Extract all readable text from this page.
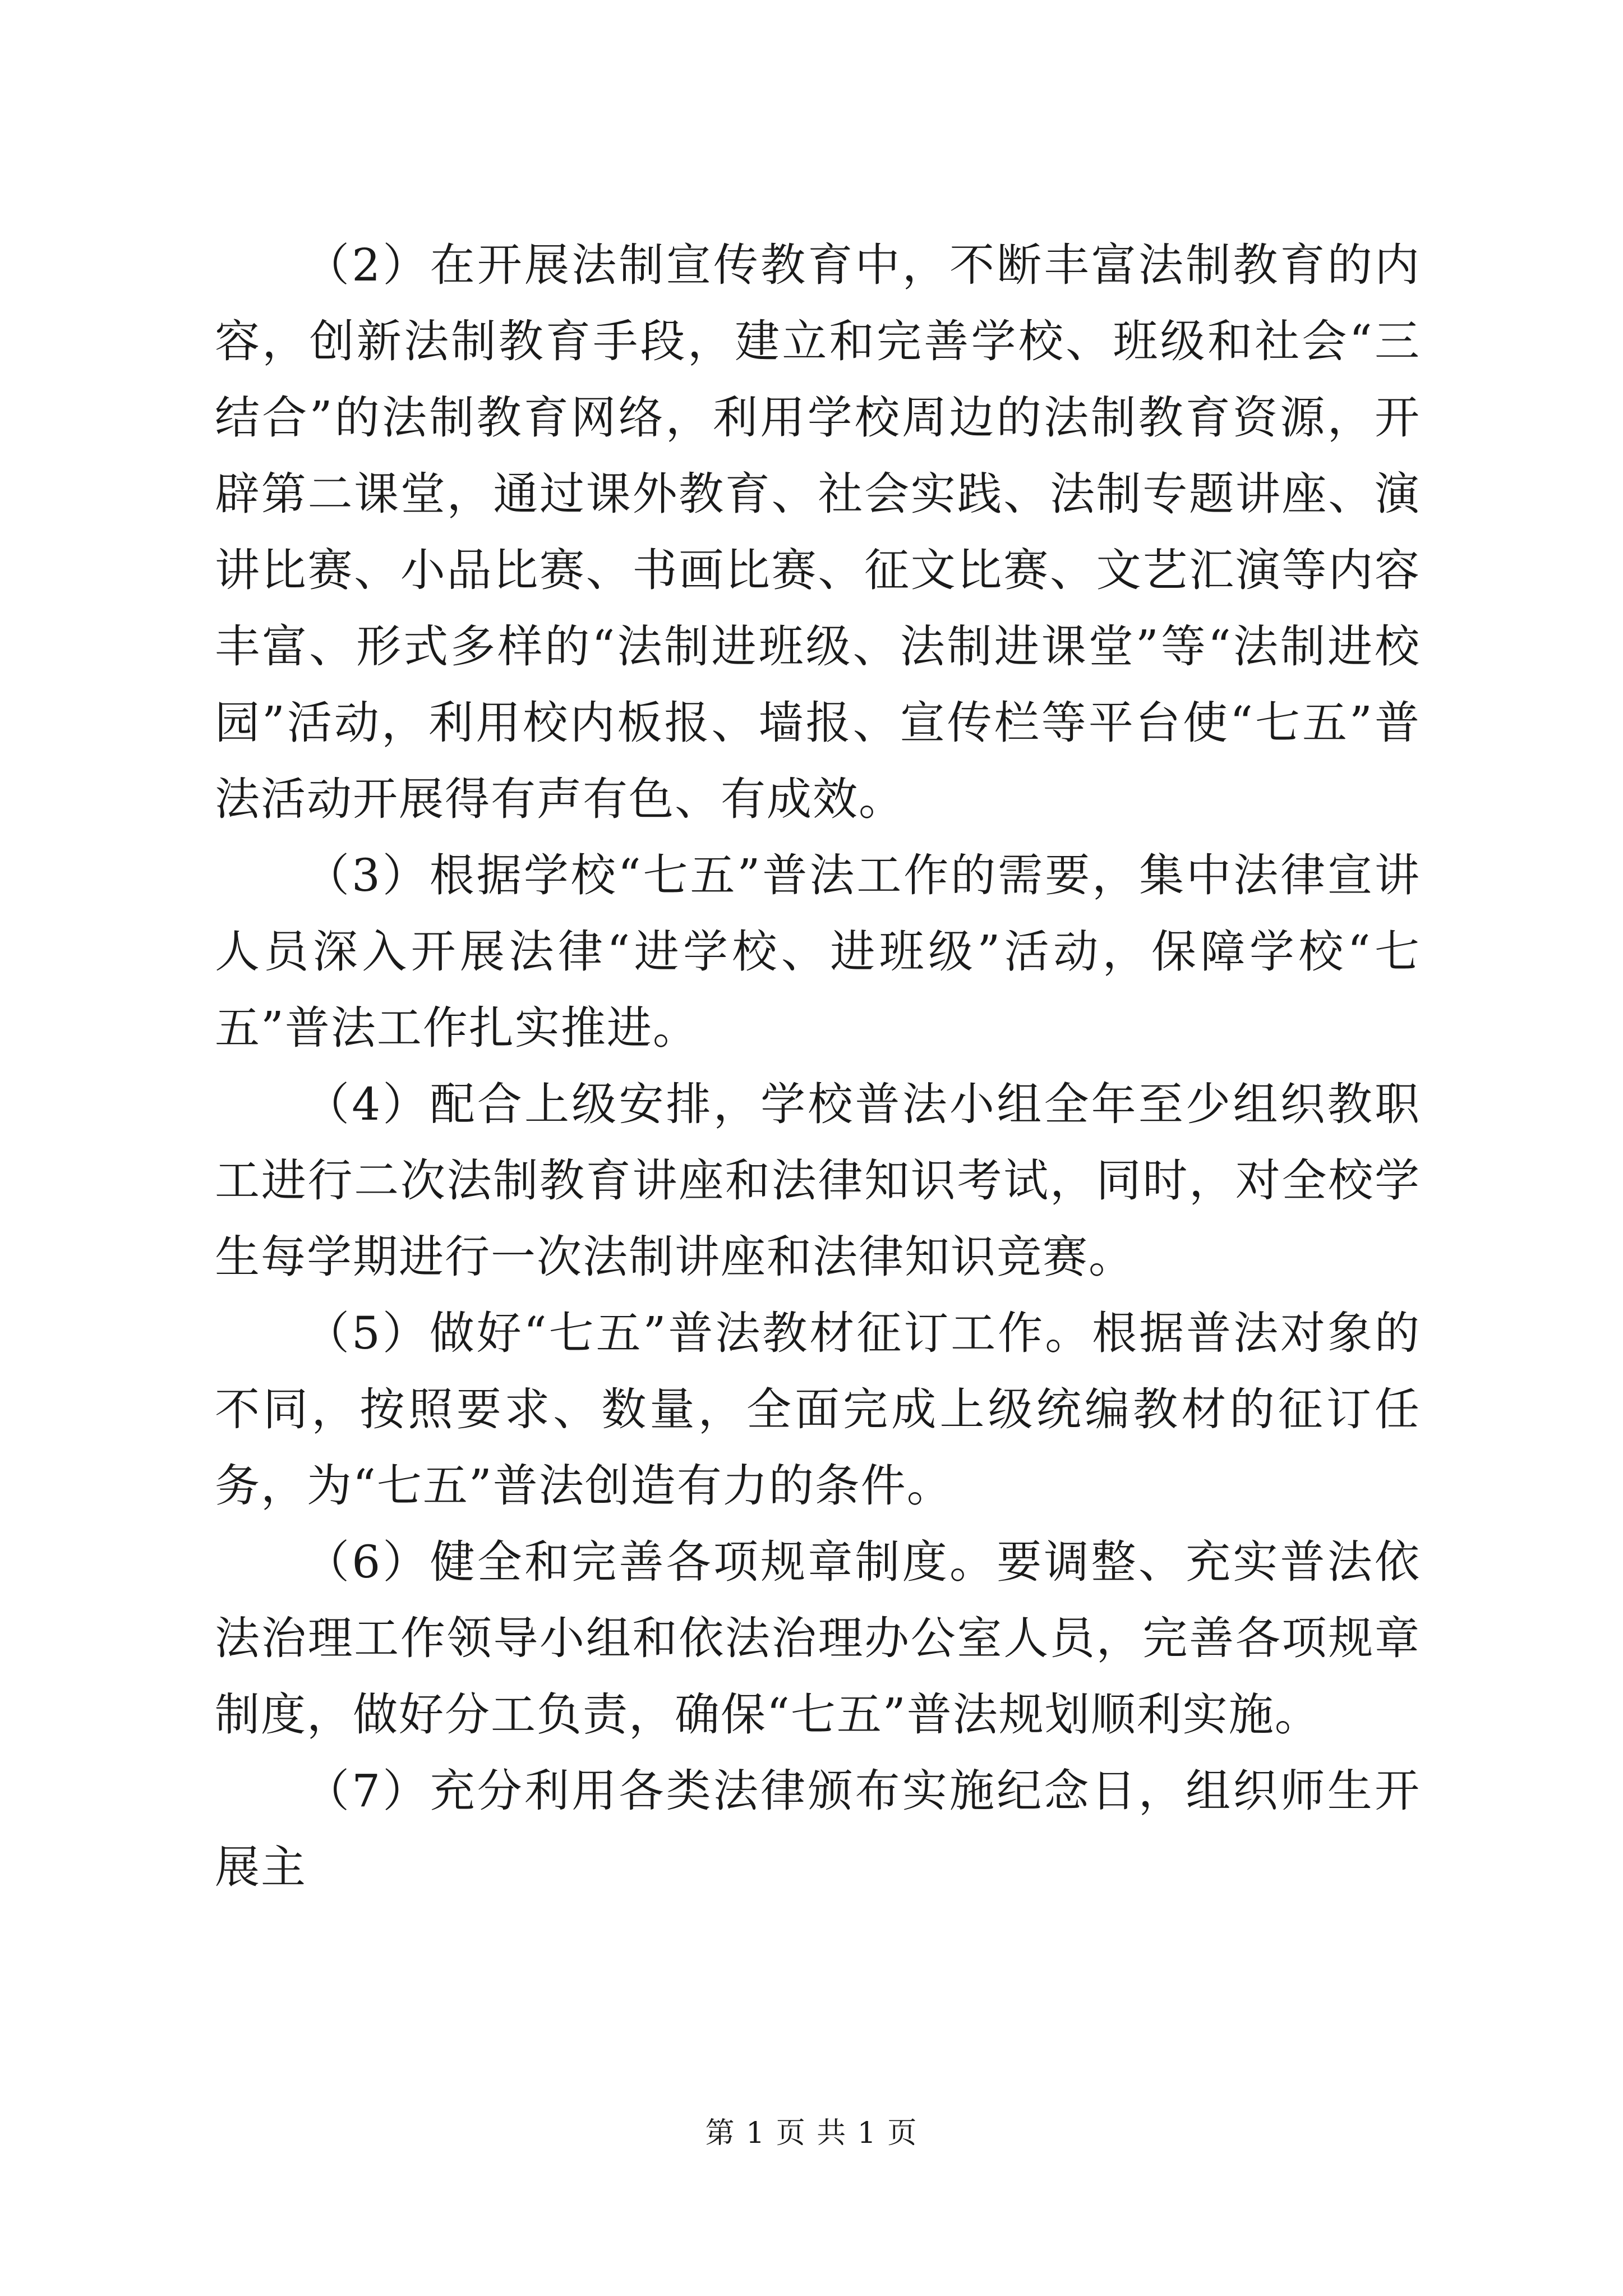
（2）在开展法制宣传教育中，不断丰富法制教育的内容，创新法制教育手段，建立和完善学校、班级和社会“三结合”的法制教育网络，利用学校周边的法制教育资源，开辟第二课堂，通过课外教育、社会实践、法制专题讲座、演讲比赛、小品比赛、书画比赛、征文比赛、文艺汇演等内容丰富、形式多样的“法制进班级、法制进课堂”等“法制进校园”活动，利用校内板报、墙报、宣传栏等平台使“七五”普法活动开展得有声有色、有成效。

（3）根据学校“七五”普法工作的需要，集中法律宣讲人员深入开展法律“进学校、进班级”活动，保障学校“七五”普法工作扎实推进。

（4）配合上级安排，学校普法小组全年至少组织教职工进行二次法制教育讲座和法律知识考试，同时，对全校学生每学期进行一次法制讲座和法律知识竞赛。

（5）做好“七五”普法教材征订工作。根据普法对象的不同，按照要求、数量，全面完成上级统编教材的征订任务，为“七五”普法创造有力的条件。

（6）健全和完善各项规章制度。要调整、充实普法依法治理工作领导小组和依法治理办公室人员，完善各项规章制度，做好分工负责，确保“七五”普法规划顺利实施。

（7）充分利用各类法律颁布实施纪念日，组织师生开展主

第 1 页 共 1 页
